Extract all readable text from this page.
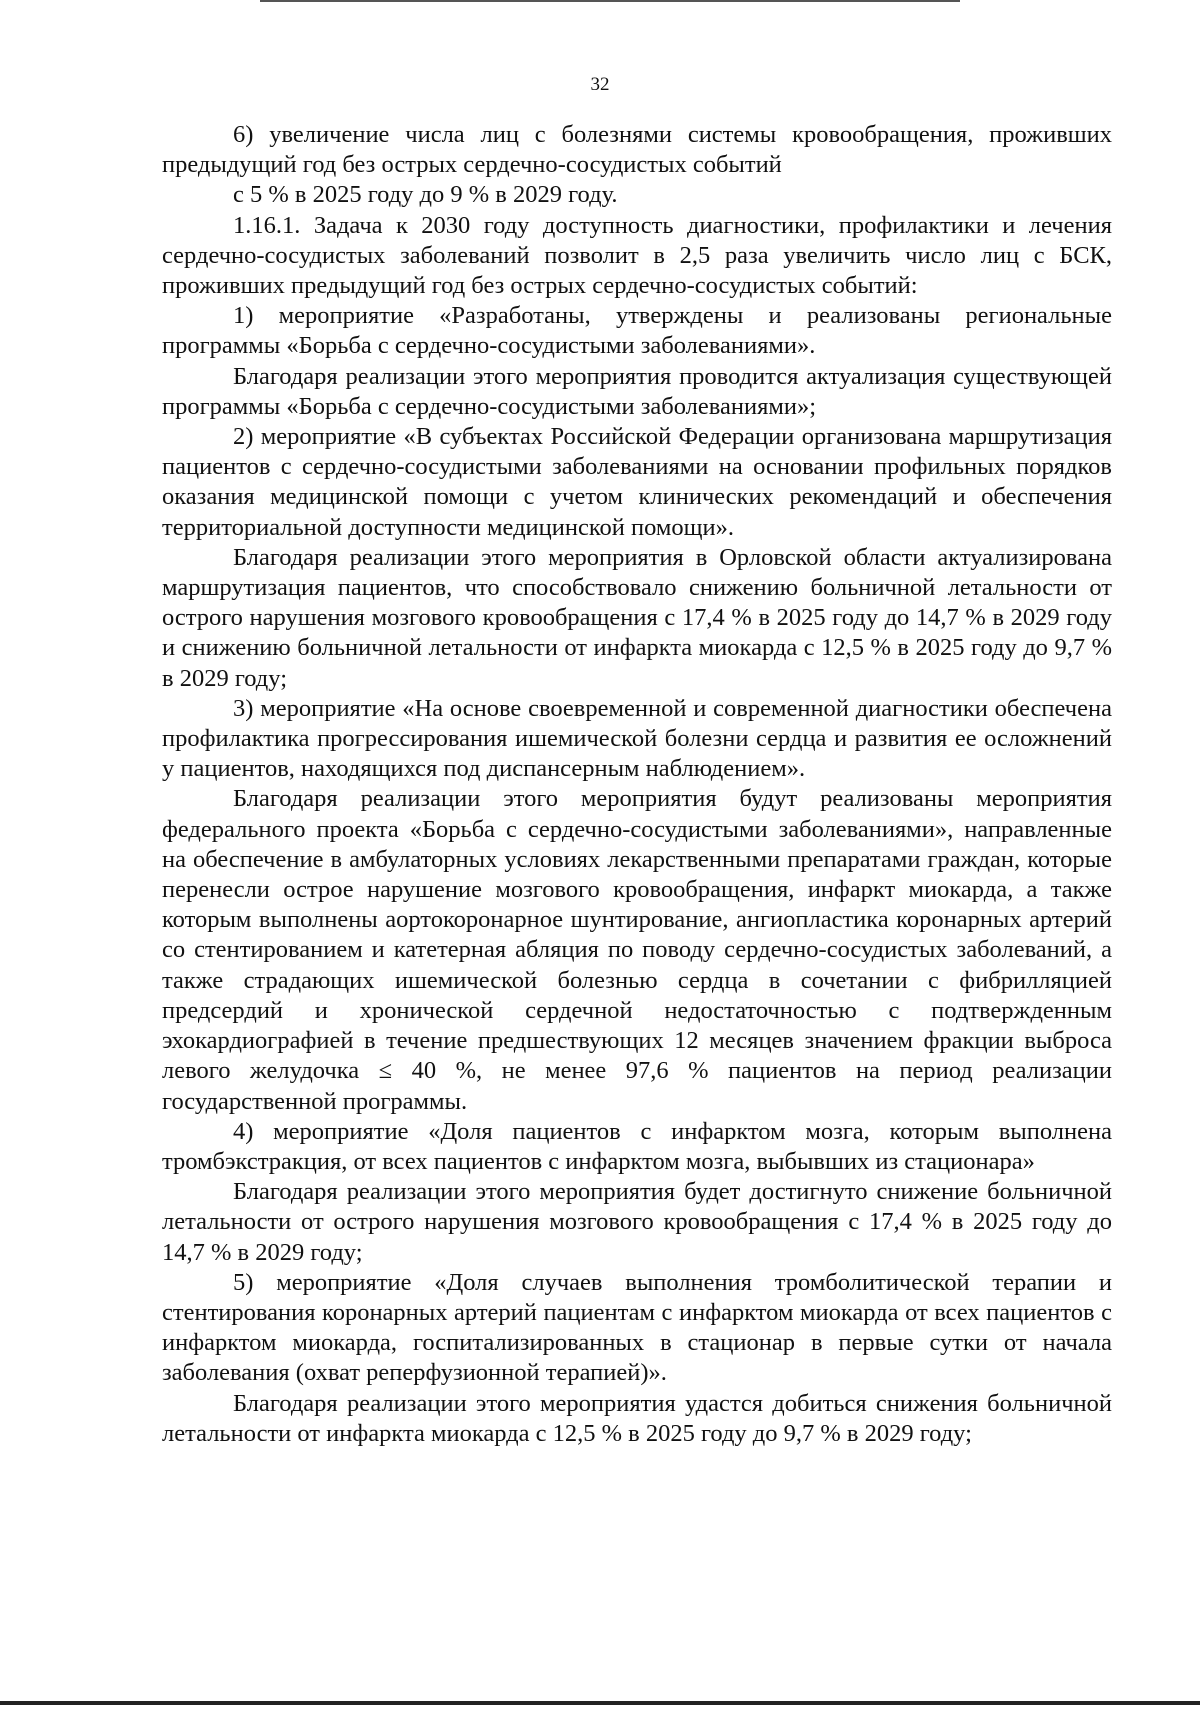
32

6) увеличение числа лиц с болезнями системы кровообращения, проживших предыдущий год без острых сердечно-сосудистых событий

с 5 % в 2025 году до 9 % в 2029 году.

1.16.1. Задача к 2030 году доступность диагностики, профилактики и лечения сердечно-сосудистых заболеваний позволит в 2,5 раза увеличить число лиц с БСК, проживших предыдущий год без острых сердечно-сосудистых событий:

1) мероприятие «Разработаны, утверждены и реализованы региональные программы «Борьба с сердечно-сосудистыми заболеваниями».

Благодаря реализации этого мероприятия проводится актуализация существующей программы «Борьба с сердечно-сосудистыми заболеваниями»;

2) мероприятие «В субъектах Российской Федерации организована маршрутизация пациентов с сердечно-сосудистыми заболеваниями на основании профильных порядков оказания медицинской помощи с учетом клинических рекомендаций и обеспечения территориальной доступности медицинской помощи».

Благодаря реализации этого мероприятия в Орловской области актуализирована маршрутизация пациентов, что способствовало снижению больничной летальности от острого нарушения мозгового кровообращения с 17,4 % в 2025 году до 14,7 % в 2029 году и снижению больничной летальности от инфаркта миокарда с 12,5 % в 2025 году до 9,7 % в 2029 году;

3) мероприятие «На основе своевременной и современной диагностики обеспечена профилактика прогрессирования ишемической болезни сердца и развития ее осложнений у пациентов, находящихся под диспансерным наблюдением».

Благодаря реализации этого мероприятия будут реализованы мероприятия федерального проекта «Борьба с сердечно-сосудистыми заболеваниями», направленные на обеспечение в амбулаторных условиях лекарственными препаратами граждан, которые перенесли острое нарушение мозгового кровообращения, инфаркт миокарда, а также которым выполнены аортокоронарное шунтирование, ангиопластика коронарных артерий со стентированием и катетерная абляция по поводу сердечно-сосудистых заболеваний, а также страдающих ишемической болезнью сердца в сочетании с фибрилляцией предсердий и хронической сердечной недостаточностью с подтвержденным эхокардиографией в течение предшествующих 12 месяцев значением фракции выброса левого желудочка ≤ 40 %, не менее 97,6 % пациентов на период реализации государственной программы.

4) мероприятие «Доля пациентов с инфарктом мозга, которым выполнена тромбэкстракция, от всех пациентов с инфарктом мозга, выбывших из стационара»

Благодаря реализации этого мероприятия будет достигнуто снижение больничной летальности от острого нарушения мозгового кровообращения с 17,4 % в 2025 году до 14,7 % в 2029 году;

5) мероприятие «Доля случаев выполнения тромболитической терапии и стентирования коронарных артерий пациентам с инфарктом миокарда от всех пациентов с инфарктом миокарда, госпитализированных в стационар в первые сутки от начала заболевания (охват реперфузионной терапией)».

Благодаря реализации этого мероприятия удастся добиться снижения больничной летальности от инфаркта миокарда с 12,5 % в 2025 году до 9,7 % в 2029 году;
